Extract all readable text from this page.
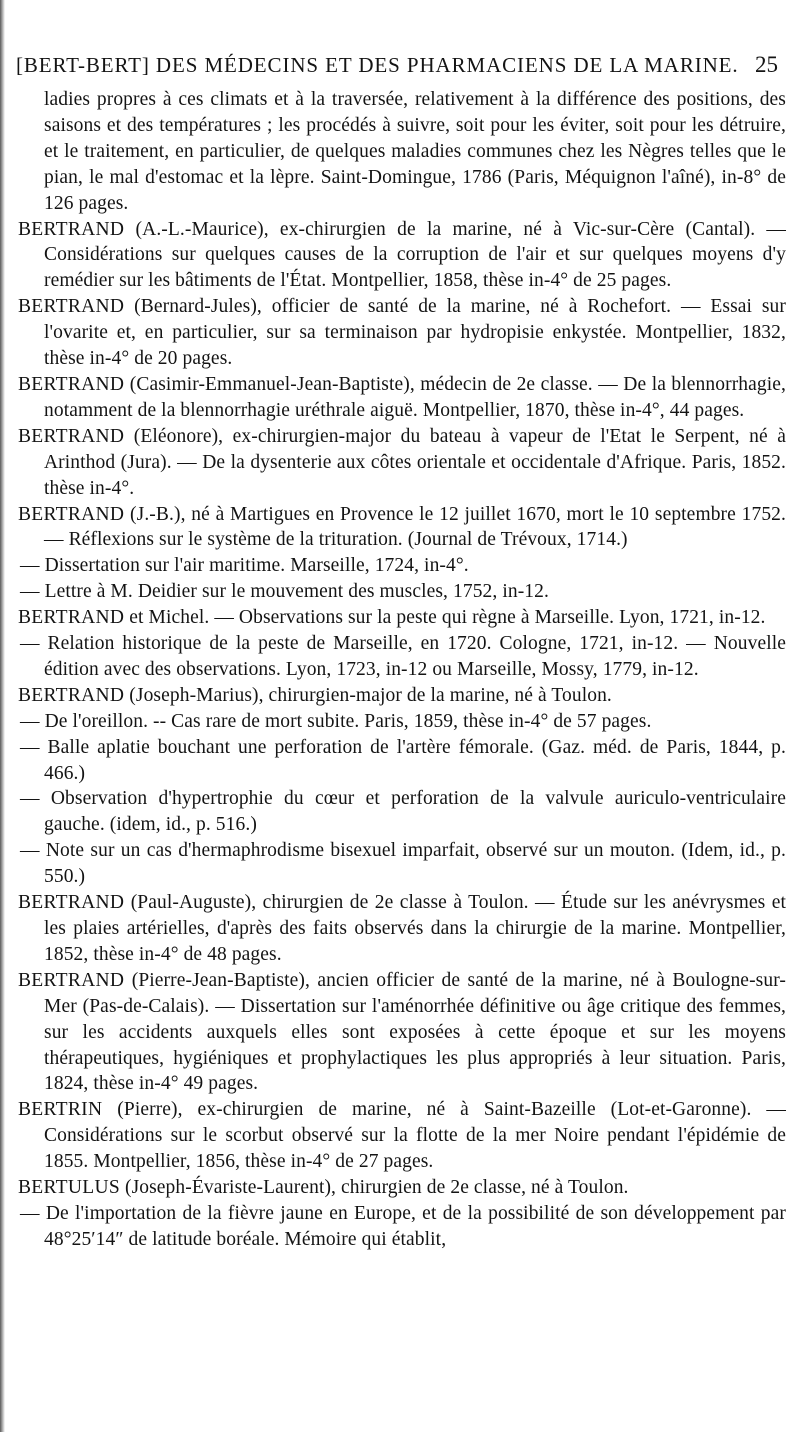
[BERT-BERT] DES MÉDECINS ET DES PHARMACIENS DE LA MARINE. 25

ladies propres à ces climats et à la traversée, relativement à la différence des positions, des saisons et des températures ; les procédés à suivre, soit pour les éviter, soit pour les détruire, et le traitement, en particulier, de quelques maladies communes chez les Nègres telles que le pian, le mal d'estomac et la lèpre. Saint-Domingue, 1786 (Paris, Méquignon l'aîné), in-8° de 126 pages.

BERTRAND (A.-L.-Maurice), ex-chirurgien de la marine, né à Vic-sur-Cère (Cantal). — Considérations sur quelques causes de la corruption de l'air et sur quelques moyens d'y remédier sur les bâtiments de l'État. Montpellier, 1858, thèse in-4° de 25 pages.

BERTRAND (Bernard-Jules), officier de santé de la marine, né à Rochefort. — Essai sur l'ovarite et, en particulier, sur sa terminaison par hydropisie enkystée. Montpellier, 1832, thèse in-4° de 20 pages.

BERTRAND (Casimir-Emmanuel-Jean-Baptiste), médecin de 2e classe. — De la blennorrhagie, notamment de la blennorrhagie uréthrale aiguë. Montpellier, 1870, thèse in-4°, 44 pages.

BERTRAND (Eléonore), ex-chirurgien-major du bateau à vapeur de l'Etat le Serpent, né à Arinthod (Jura). — De la dysenterie aux côtes orientale et occidentale d'Afrique. Paris, 1852. thèse in-4°.

BERTRAND (J.-B.), né à Martigues en Provence le 12 juillet 1670, mort le 10 septembre 1752. — Réflexions sur le système de la trituration. (Journal de Trévoux, 1714.)

— Dissertation sur l'air maritime. Marseille, 1724, in-4°.

— Lettre à M. Deidier sur le mouvement des muscles, 1752, in-12.

BERTRAND et Michel. — Observations sur la peste qui règne à Marseille. Lyon, 1721, in-12.

— Relation historique de la peste de Marseille, en 1720. Cologne, 1721, in-12. — Nouvelle édition avec des observations. Lyon, 1723, in-12 ou Marseille, Mossy, 1779, in-12.

BERTRAND (Joseph-Marius), chirurgien-major de la marine, né à Toulon.

— De l'oreillon. -- Cas rare de mort subite. Paris, 1859, thèse in-4° de 57 pages.

— Balle aplatie bouchant une perforation de l'artère fémorale. (Gaz. méd. de Paris, 1844, p. 466.)

— Observation d'hypertrophie du cœur et perforation de la valvule auriculo-ventriculaire gauche. (idem, id., p. 516.)

— Note sur un cas d'hermaphrodisme bisexuel imparfait, observé sur un mouton. (Idem, id., p. 550.)

BERTRAND (Paul-Auguste), chirurgien de 2e classe à Toulon. — Étude sur les anévrysmes et les plaies artérielles, d'après des faits observés dans la chirurgie de la marine. Montpellier, 1852, thèse in-4° de 48 pages.

BERTRAND (Pierre-Jean-Baptiste), ancien officier de santé de la marine, né à Boulogne-sur-Mer (Pas-de-Calais). — Dissertation sur l'aménorrhée définitive ou âge critique des femmes, sur les accidents auxquels elles sont exposées à cette époque et sur les moyens thérapeutiques, hygiéniques et prophylactiques les plus appropriés à leur situation. Paris, 1824, thèse in-4° 49 pages.

BERTRIN (Pierre), ex-chirurgien de marine, né à Saint-Bazeille (Lot-et-Garonne). — Considérations sur le scorbut observé sur la flotte de la mer Noire pendant l'épidémie de 1855. Montpellier, 1856, thèse in-4° de 27 pages.

BERTULUS (Joseph-Évariste-Laurent), chirurgien de 2e classe, né à Toulon.

— De l'importation de la fièvre jaune en Europe, et de la possibilité de son développement par 48°25′14″ de latitude boréale. Mémoire qui établit,
